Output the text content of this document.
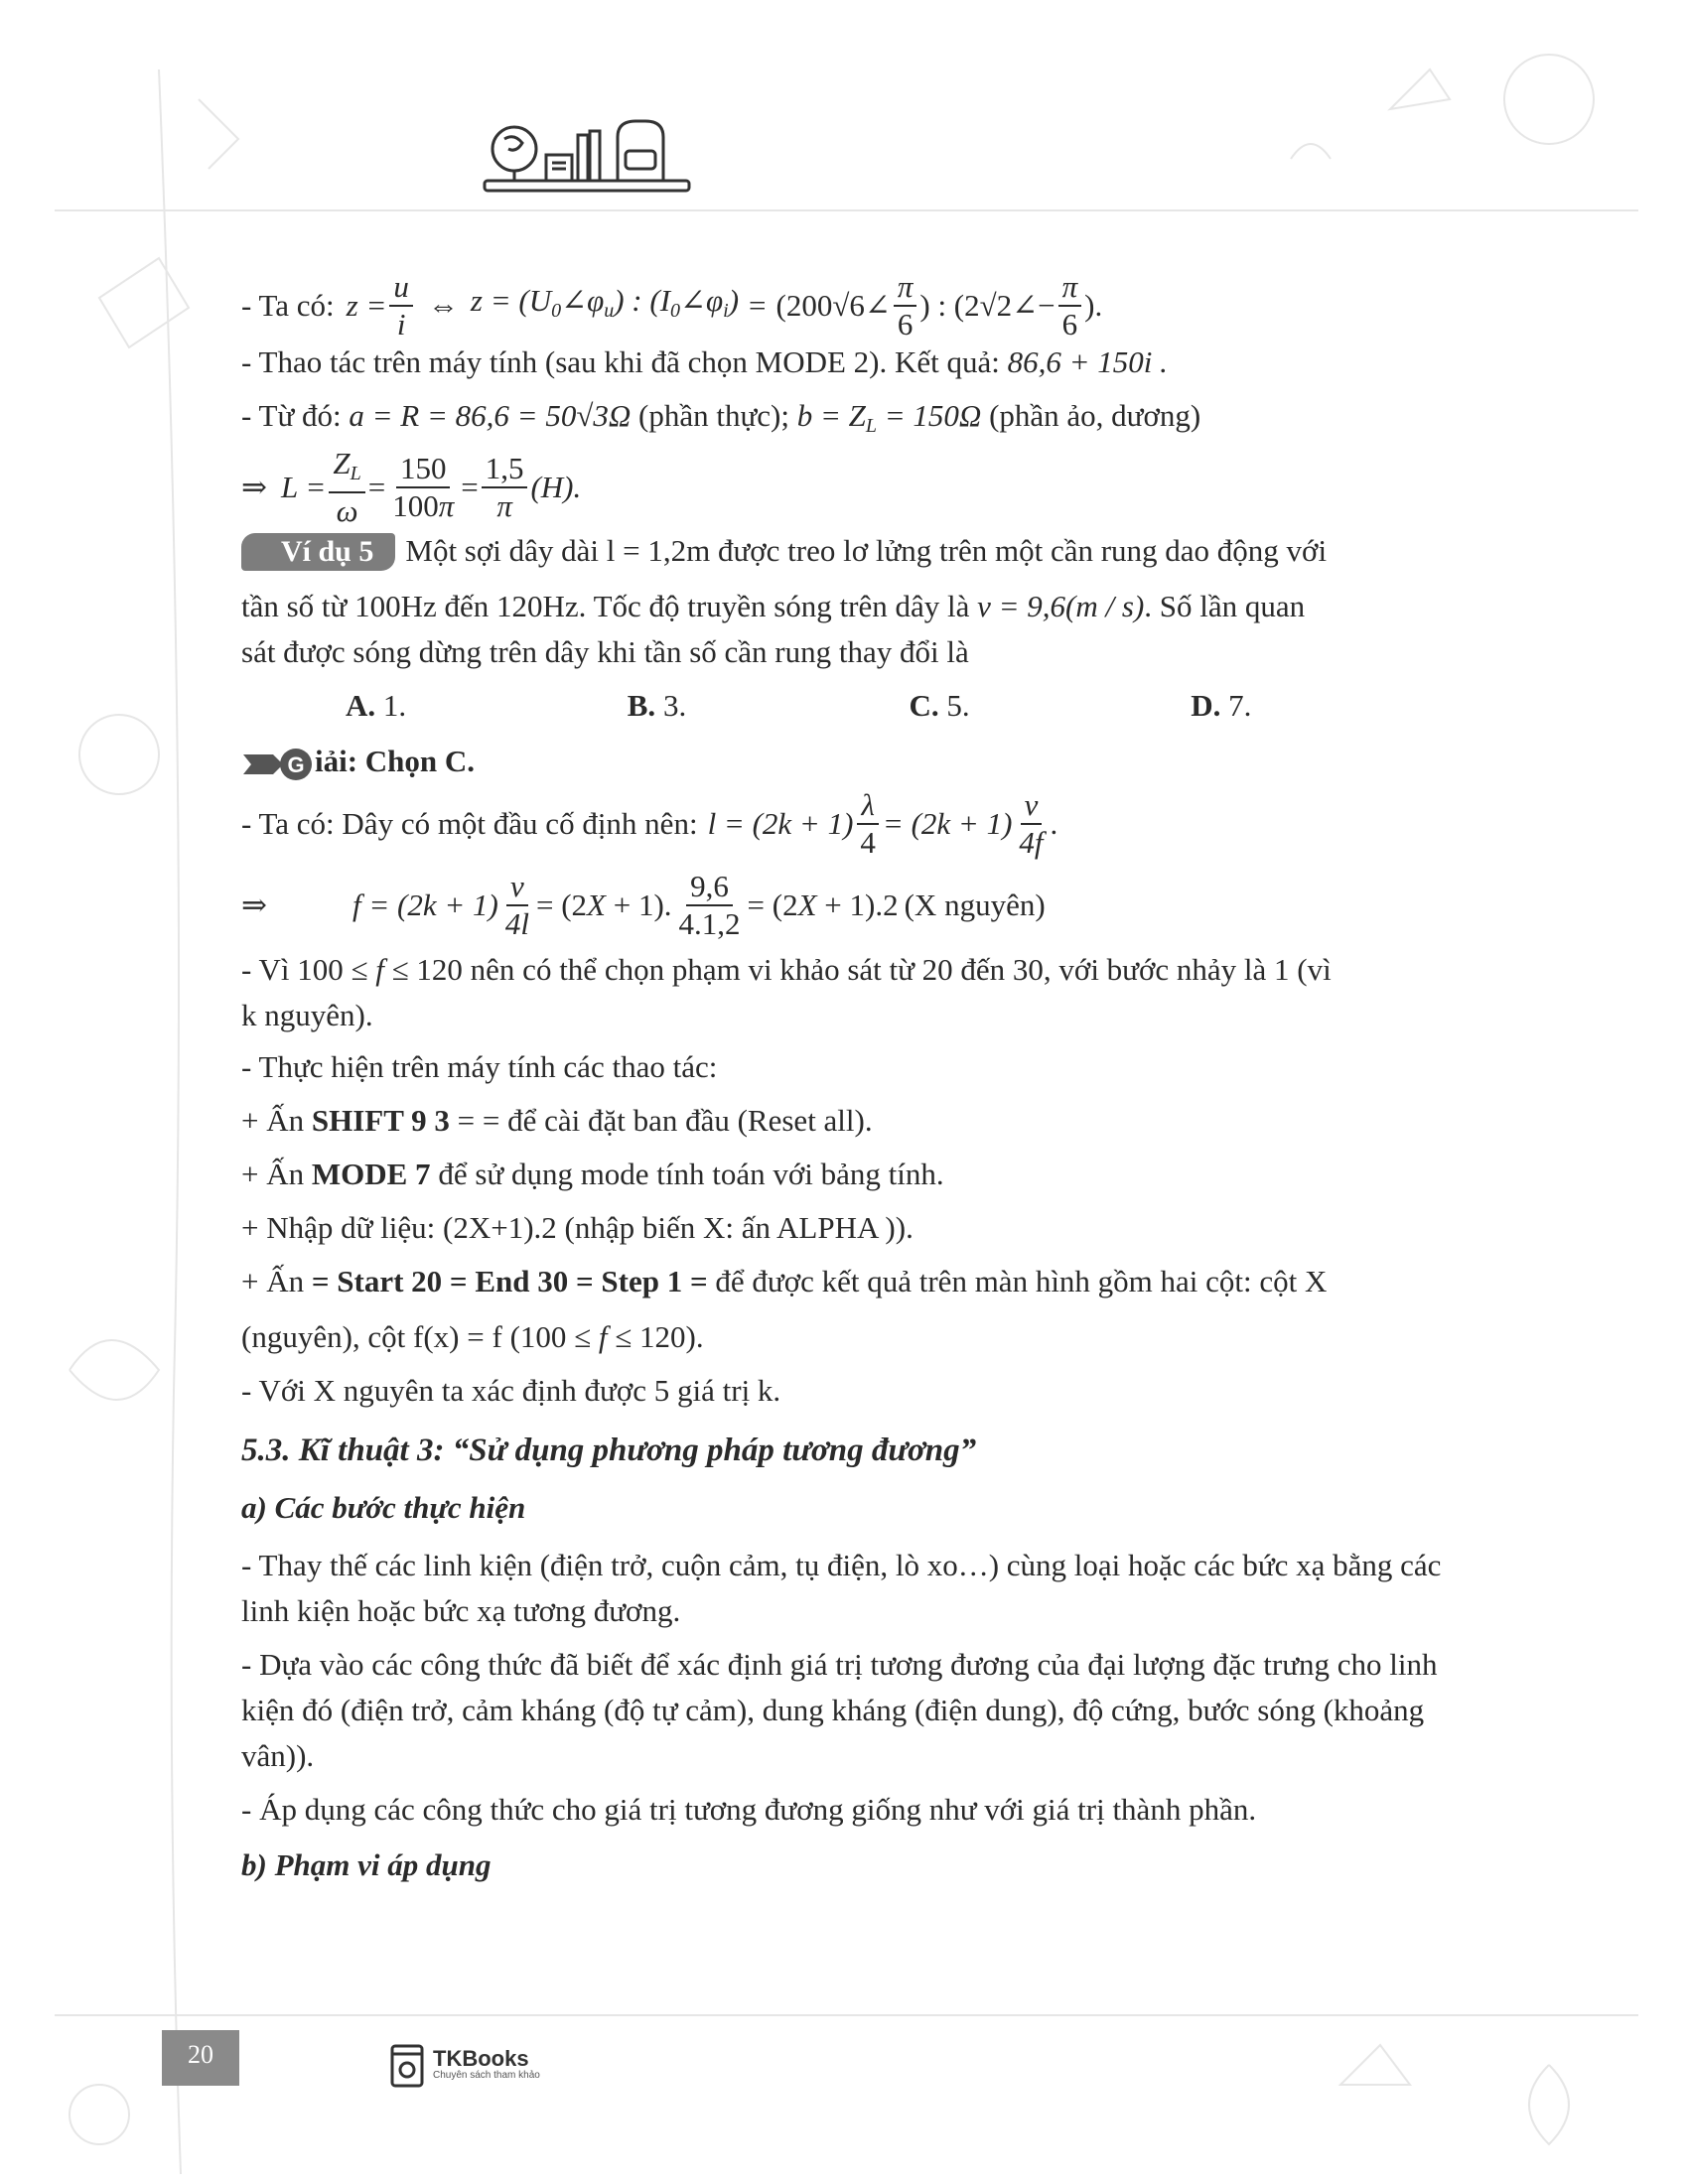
- Ta có: $z = \frac{u}{i}$ ⇔ $z = (U_0\angle\varphi_u)$ : $(I_0\angle\varphi_i)$ = (200√6∠ $\frac{\pi}{6}$ ) : (2√2∠− $\frac{\pi}{6}$ ).
- Thao tác trên máy tính (sau khi đã chọn MODE 2). Kết quả: 86,6 + 150i .
- Từ đó: a = R = 86,6 = 50√3Ω (phần thực); $b = Z_L = 150\Omega$ (phần ảo, dương)
⇒ $L = \frac{Z_L}{\omega} = \frac{150}{100\pi} = \frac{1,5}{\pi} (H)$.
Ví dụ 5 Một sợi dây dài l = 1,2m được treo lơ lửng trên một cần rung dao động với
tần số từ 100Hz đến 120Hz. Tốc độ truyền sóng trên dây là v = 9,6(m / s). Số lần quan
sát được sóng dừng trên dây khi tần số cần rung thay đổi là
A. 1.	B. 3.	C. 5.	D. 7.
G iải: Chọn C.
- Ta có: Dây có một đầu cố định nên: $l = (2k + 1) \frac{\lambda}{4} = (2k + 1) \frac{v}{4f}$ .
⇒	$f = (2k + 1) \frac{v}{4l} = (2X + 1)$. $\frac{9,6}{4.1,2} = (2X + 1).2$ (X nguyên)
- Vì 100 ≤ f ≤ 120 nên có thể chọn phạm vi khảo sát từ 20 đến 30, với bước nhảy là 1 (vì
k nguyên).
- Thực hiện trên máy tính các thao tác:
+ Ấn SHIFT 9 3 = = để cài đặt ban đầu (Reset all).
+ Ấn MODE 7 để sử dụng mode tính toán với bảng tính.
+ Nhập dữ liệu: (2X+1).2 (nhập biến X: ấn ALPHA )).
+ Ấn = Start 20 = End 30 = Step 1 = để được kết quả trên màn hình gồm hai cột: cột X
(nguyên), cột f(x) = f (100 ≤ f ≤ 120).
- Với X nguyên ta xác định được 5 giá trị k.
5.3. Kĩ thuật 3: “Sử dụng phương pháp tương đương”
a) Các bước thực hiện
- Thay thế các linh kiện (điện trở, cuộn cảm, tụ điện, lò xo…) cùng loại hoặc các bức xạ bằng các linh kiện hoặc bức xạ tương đương.
- Dựa vào các công thức đã biết để xác định giá trị tương đương của đại lượng đặc trưng cho linh kiện đó (điện trở, cảm kháng (độ tự cảm), dung kháng (điện dung), độ cứng, bước sóng (khoảng vân)).
- Áp dụng các công thức cho giá trị tương đương giống như với giá trị thành phần.
b) Phạm vi áp dụng
20	TKBooks
Chuyên sách tham khảo
